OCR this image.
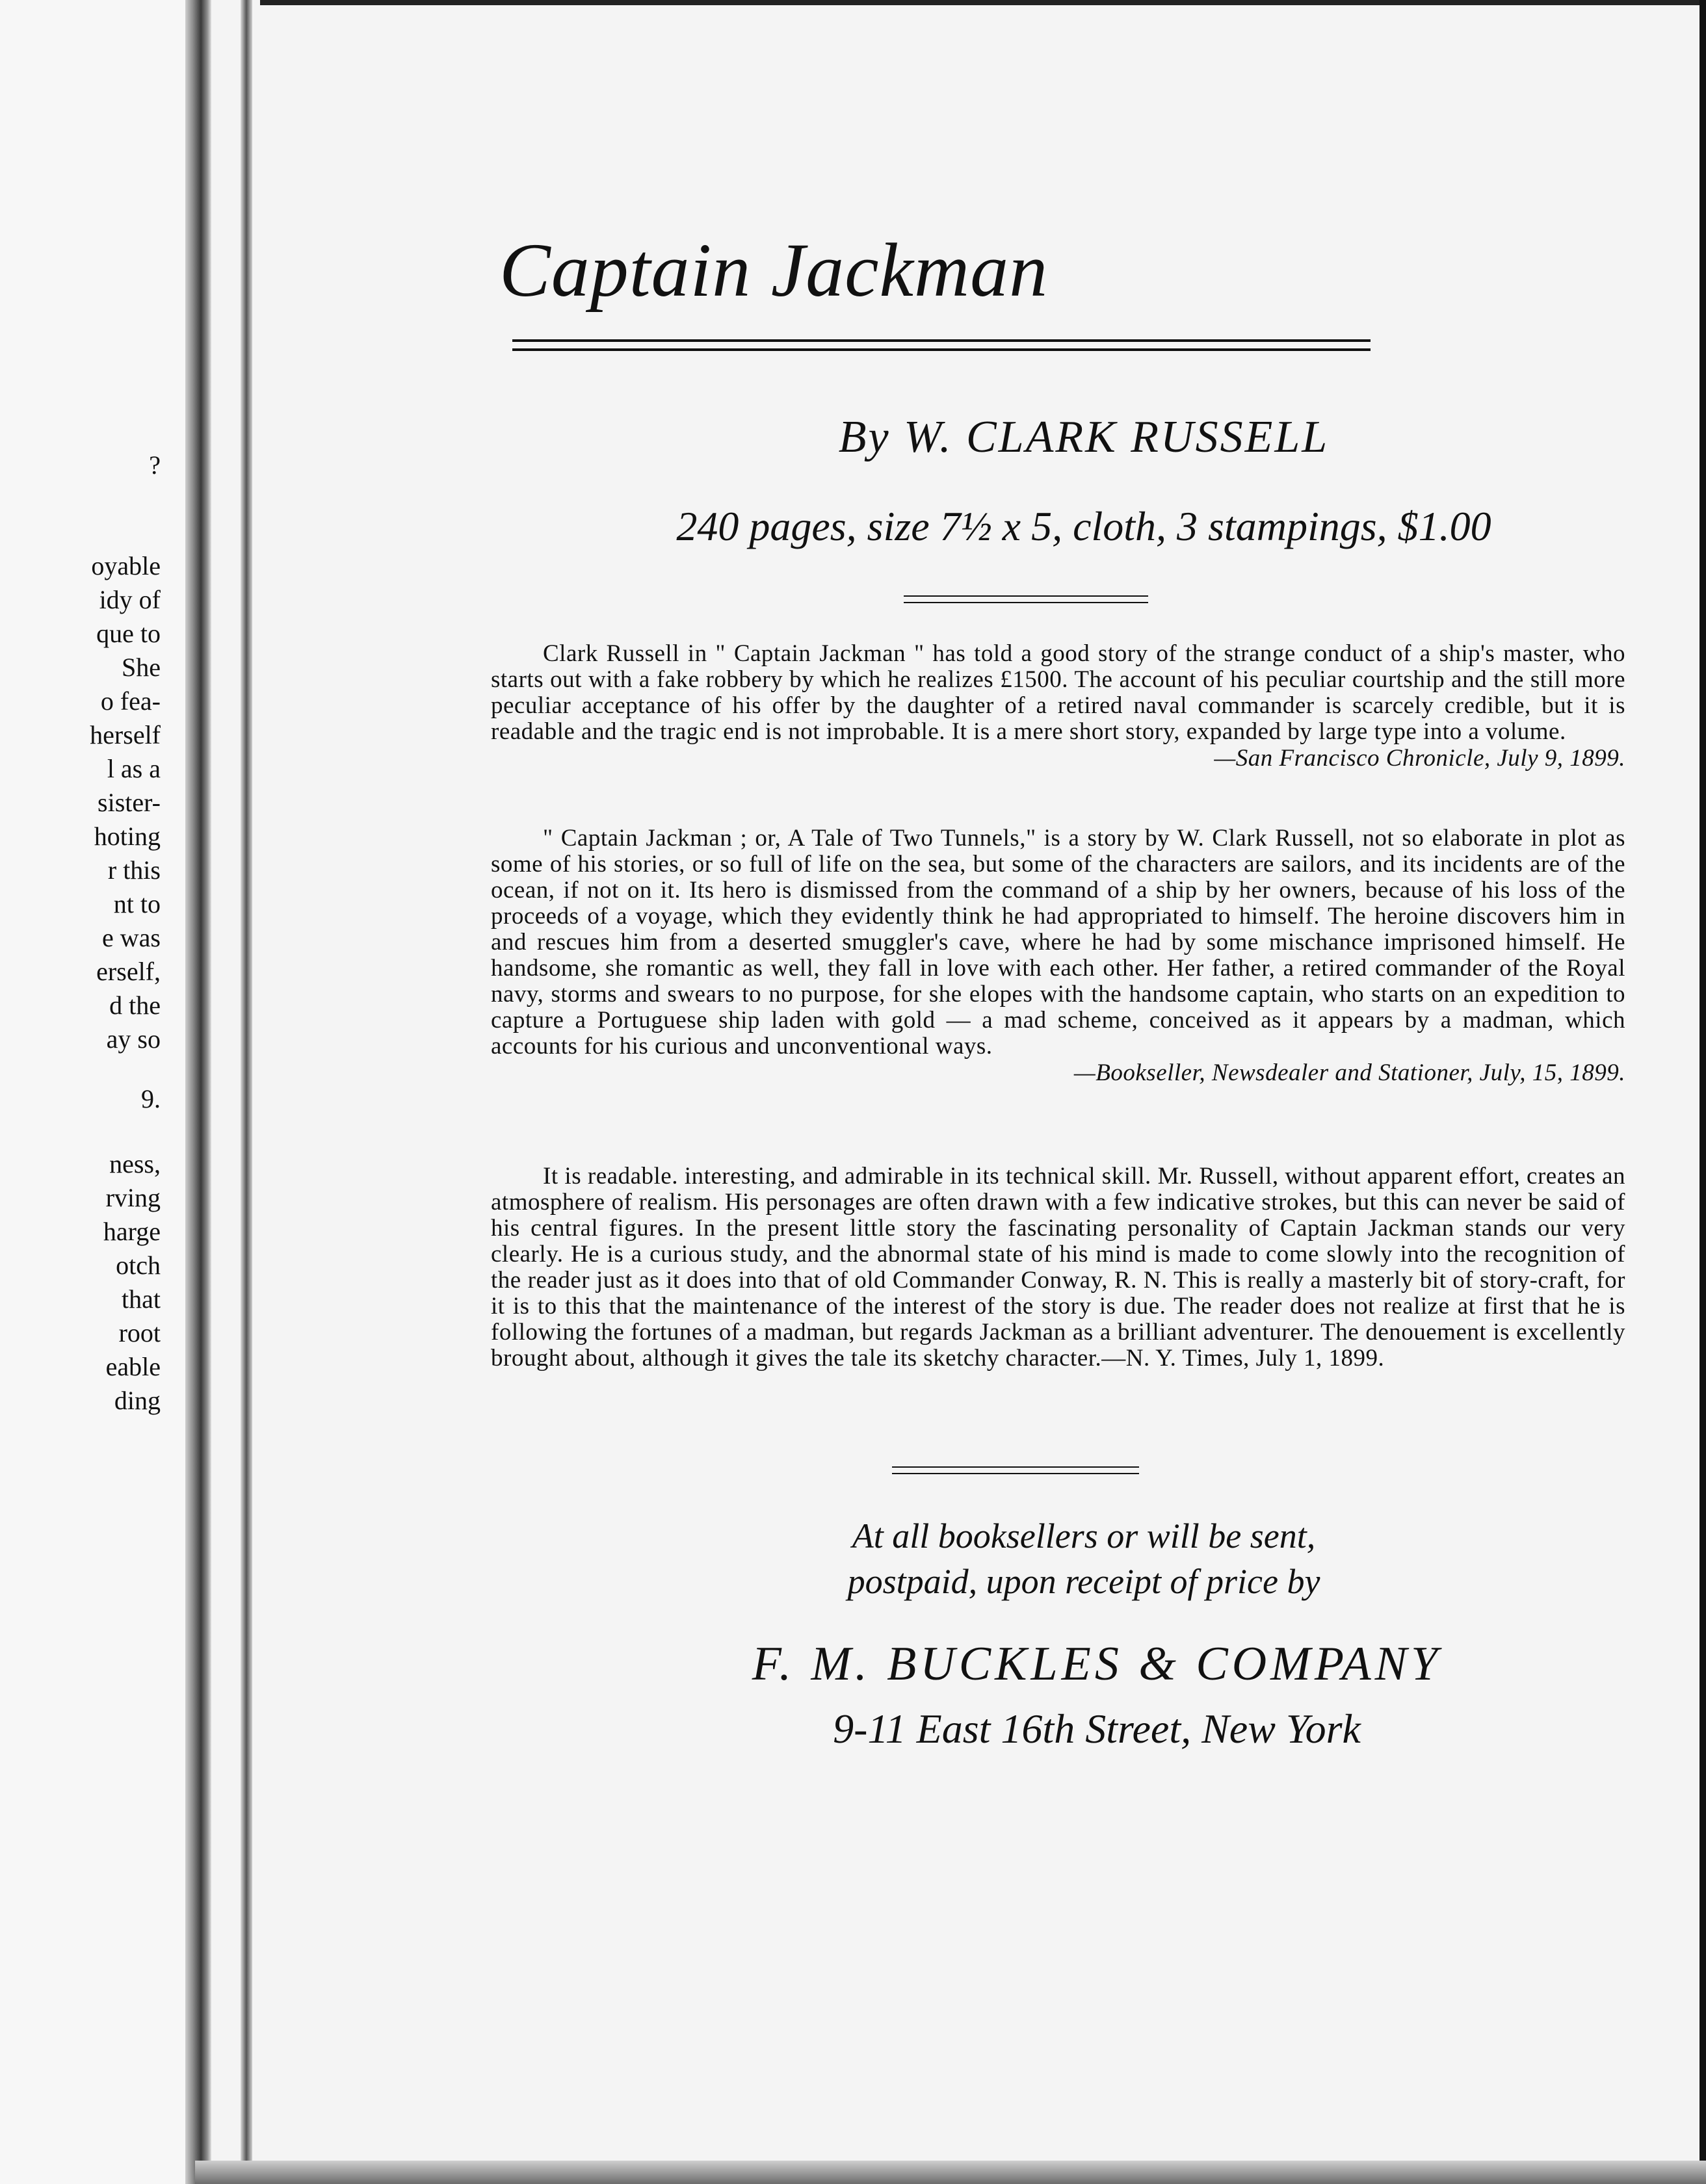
?

oyable

idy of

que to

She

o fea-

herself

l as a

sister-

hoting

r this

nt to

e was

erself,

d the

ay so

9.

ness,

rving

harge

otch

that

root

eable

ding

Captain Jackman

By W. CLARK RUSSELL

240 pages, size 7½ x 5, cloth, 3 stampings, $1.00

Clark Russell in " Captain Jackman " has told a good story of the strange conduct of a ship's master, who starts out with a fake robbery by which he realizes £1500. The account of his peculiar courtship and the still more peculiar acceptance of his offer by the daughter of a retired naval commander is scarcely credible, but it is readable and the tragic end is not improbable. It is a mere short story, expanded by large type into a volume.

—San Francisco Chronicle, July 9, 1899.

" Captain Jackman ; or, A Tale of Two Tunnels," is a story by W. Clark Russell, not so elaborate in plot as some of his stories, or so full of life on the sea, but some of the characters are sailors, and its incidents are of the ocean, if not on it. Its hero is dismissed from the command of a ship by her owners, because of his loss of the proceeds of a voyage, which they evidently think he had appropriated to himself. The heroine discovers him in and rescues him from a deserted smuggler's cave, where he had by some mischance imprisoned himself. He handsome, she romantic as well, they fall in love with each other. Her father, a retired commander of the Royal navy, storms and swears to no purpose, for she elopes with the handsome captain, who starts on an expedition to capture a Portuguese ship laden with gold — a mad scheme, conceived as it appears by a madman, which accounts for his curious and unconventional ways.

—Bookseller, Newsdealer and Stationer, July, 15, 1899.

It is readable. interesting, and admirable in its technical skill. Mr. Russell, without apparent effort, creates an atmosphere of realism. His personages are often drawn with a few indicative strokes, but this can never be said of his central figures. In the present little story the fascinating personality of Captain Jackman stands our very clearly. He is a curious study, and the abnormal state of his mind is made to come slowly into the recognition of the reader just as it does into that of old Commander Conway, R. N. This is really a masterly bit of story-craft, for it is to this that the maintenance of the interest of the story is due. The reader does not realize at first that he is following the fortunes of a madman, but regards Jackman as a brilliant adventurer. The denouement is excellently brought about, although it gives the tale its sketchy character.—N. Y. Times, July 1, 1899.

At all booksellers or will be sent,

postpaid, upon receipt of price by

F. M. BUCKLES & COMPANY

9-11 East 16th Street, New York
